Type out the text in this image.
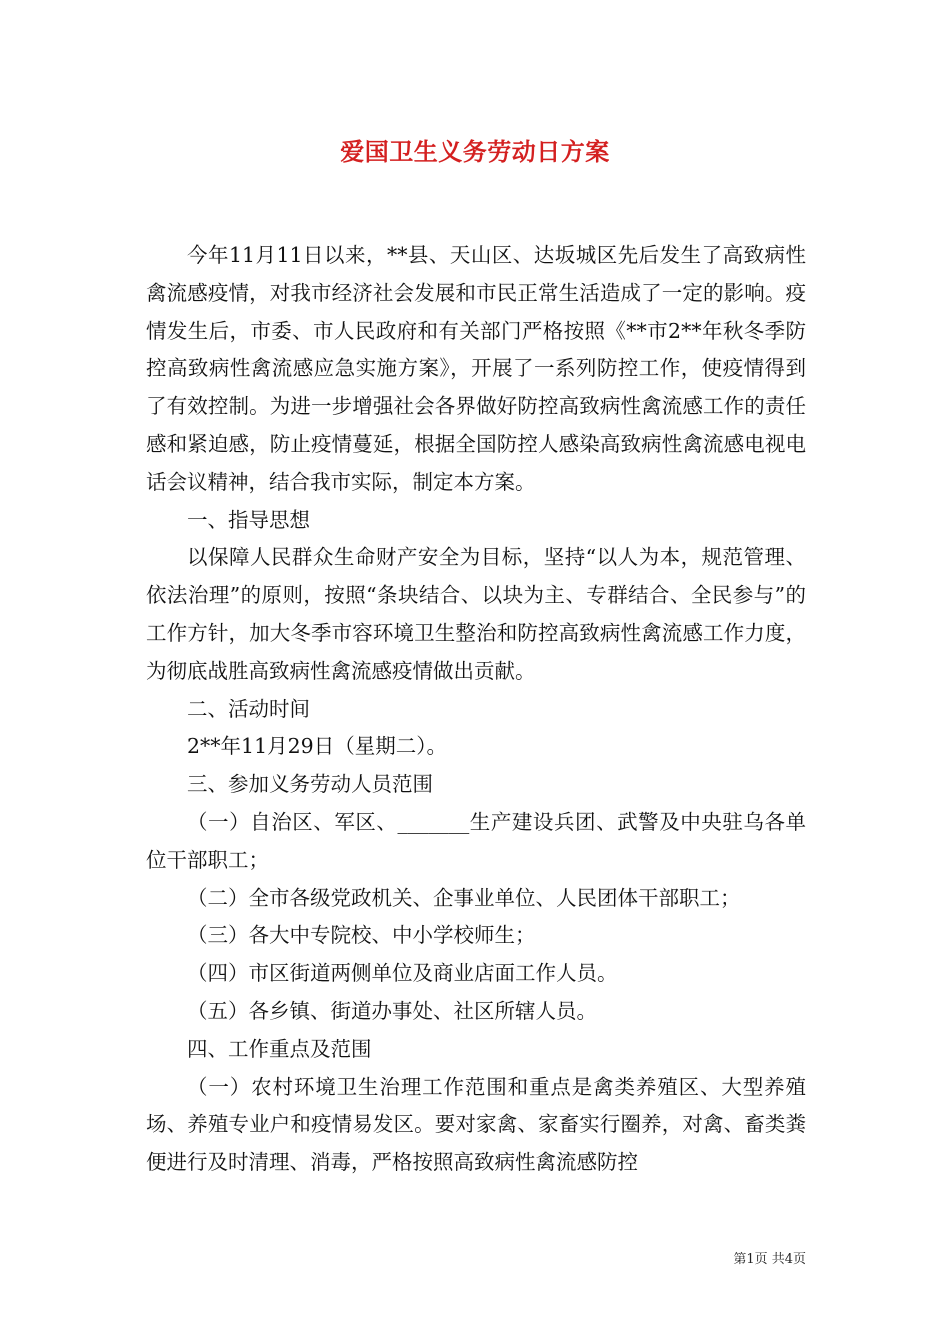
爱国卫生义务劳动日方案

今年11月11日以来，**县、天山区、达坂城区先后发生了高致病性禽流感疫情，对我市经济社会发展和市民正常生活造成了一定的影响。疫情发生后，市委、市人民政府和有关部门严格按照《**市2**年秋冬季防控高致病性禽流感应急实施方案》，开展了一系列防控工作，使疫情得到了有效控制。为进一步增强社会各界做好防控高致病性禽流感工作的责任感和紧迫感，防止疫情蔓延，根据全国防控人感染高致病性禽流感电视电话会议精神，结合我市实际，制定本方案。

一、指导思想

以保障人民群众生命财产安全为目标，坚持“以人为本，规范管理、依法治理”的原则，按照“条块结合、以块为主、专群结合、全民参与”的工作方针，加大冬季市容环境卫生整治和防控高致病性禽流感工作力度，为彻底战胜高致病性禽流感疫情做出贡献。

二、活动时间

2**年11月29日（星期二）。

三、参加义务劳动人员范围

（一）自治区、军区、_______生产建设兵团、武警及中央驻乌各单位干部职工；

（二）全市各级党政机关、企事业单位、人民团体干部职工；

（三）各大中专院校、中小学校师生；

（四）市区街道两侧单位及商业店面工作人员。

（五）各乡镇、街道办事处、社区所辖人员。

四、工作重点及范围

（一）农村环境卫生治理工作范围和重点是禽类养殖区、大型养殖场、养殖专业户和疫情易发区。要对家禽、家畜实行圈养，对禽、畜类粪便进行及时清理、消毒，严格按照高致病性禽流感防控

第1页 共4页
